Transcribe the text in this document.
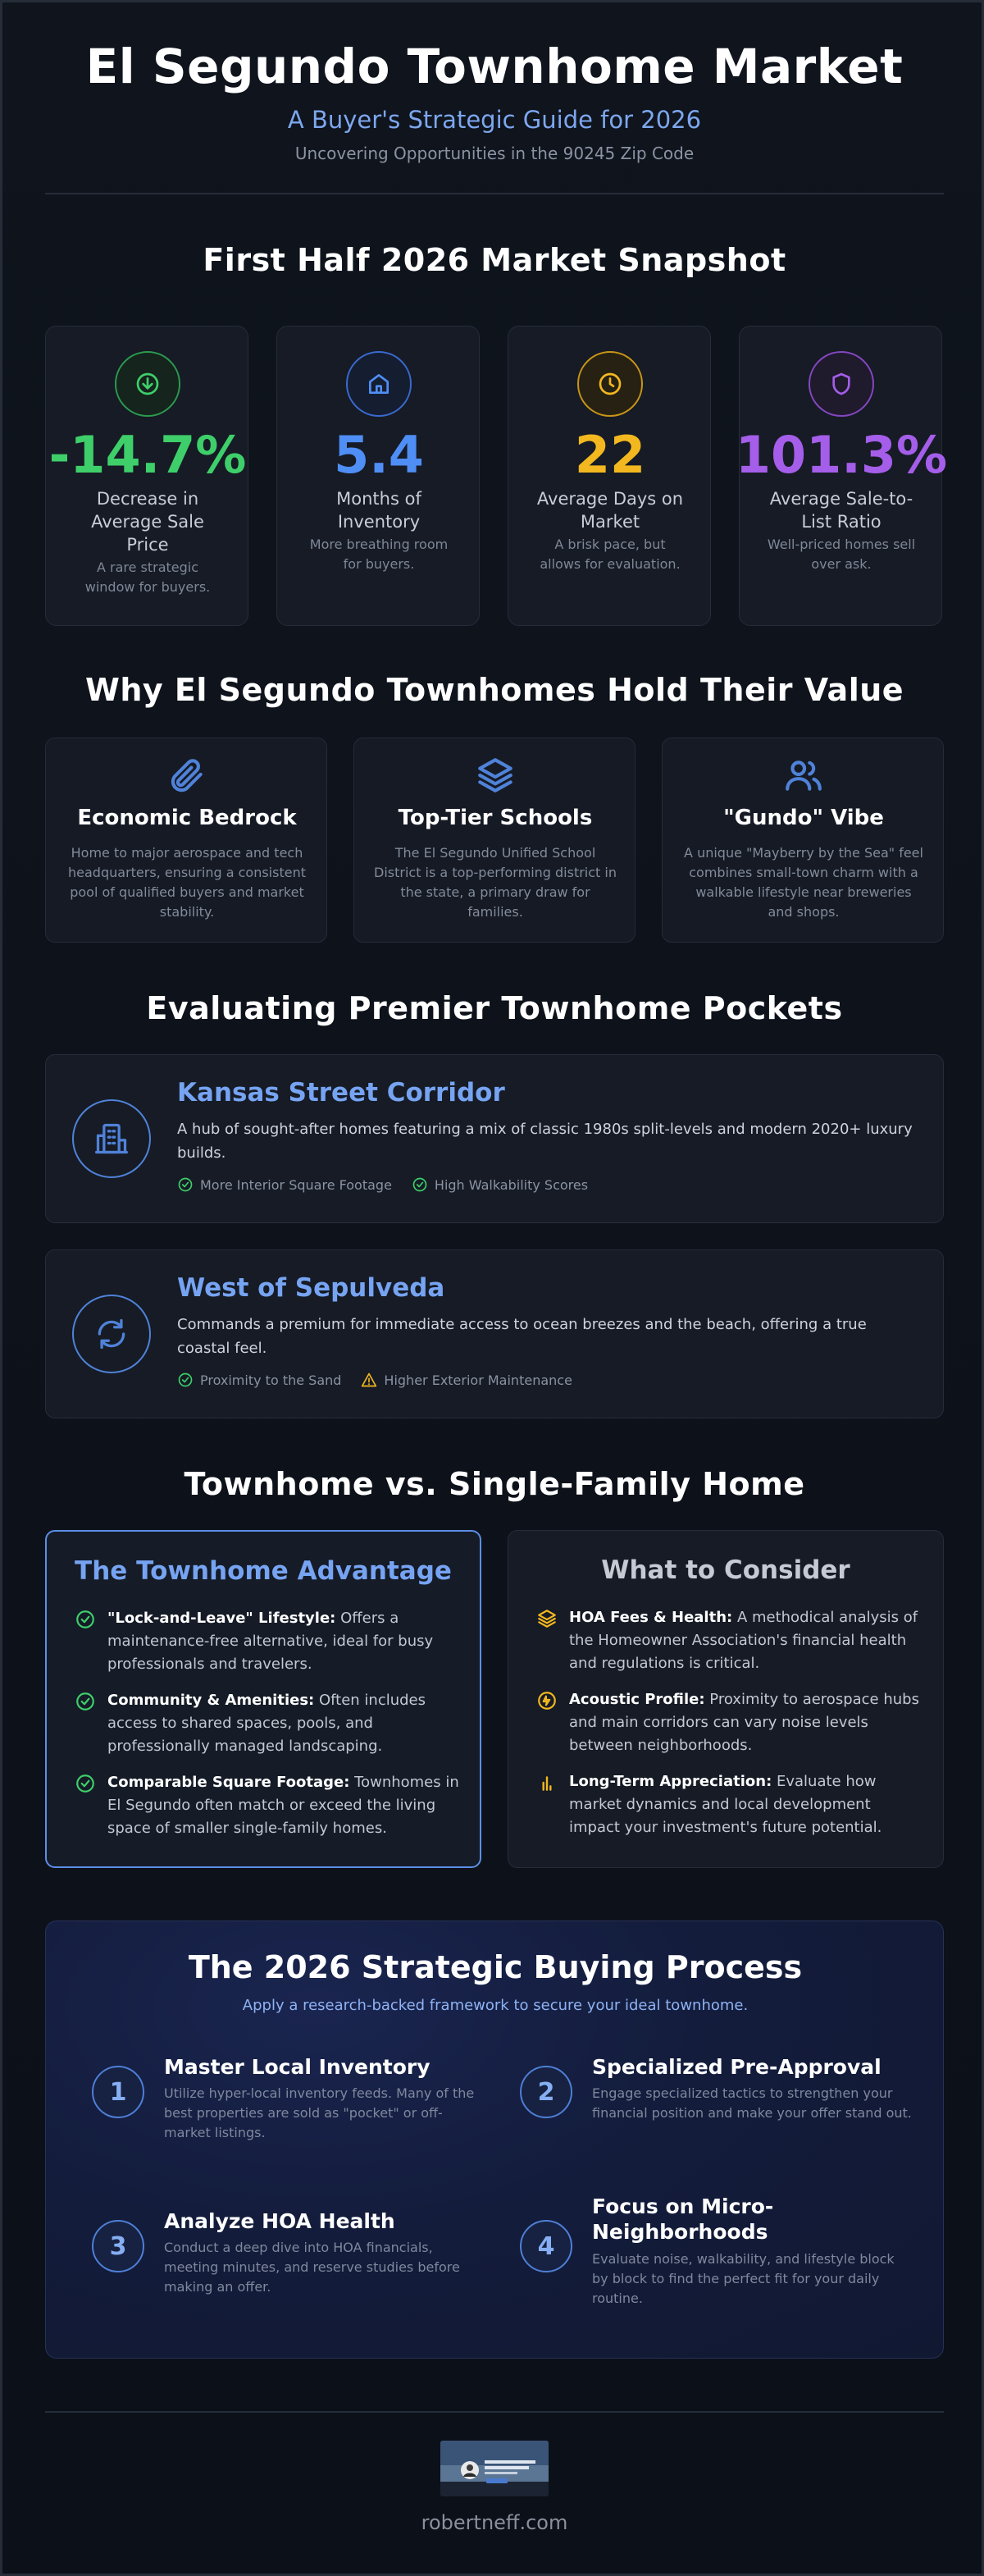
El Segundo Townhome Market
A Buyer's Strategic Guide for 2026
Uncovering Opportunities in the 90245 Zip Code
First Half 2026 Market Snapshot
-14.7%
Decrease in Average Sale Price
A rare strategic window for buyers.
5.4
Months of Inventory
More breathing room for buyers.
22
Average Days on Market
A brisk pace, but allows for evaluation.
101.3%
Average Sale-to-List Ratio
Well-priced homes sell over ask.
Why El Segundo Townhomes Hold Their Value
Economic Bedrock
Home to major aerospace and tech headquarters, ensuring a consistent pool of qualified buyers and market stability.
Top-Tier Schools
The El Segundo Unified School District is a top-performing district in the state, a primary draw for families.
"Gundo" Vibe
A unique "Mayberry by the Sea" feel combines small-town charm with a walkable lifestyle near breweries and shops.
Evaluating Premier Townhome Pockets
Kansas Street Corridor
A hub of sought-after homes featuring a mix of classic 1980s split-levels and modern 2020+ luxury builds.
More Interior Square Footage	High Walkability Scores
West of Sepulveda
Commands a premium for immediate access to ocean breezes and the beach, offering a true coastal feel.
Proximity to the Sand	Higher Exterior Maintenance
Townhome vs. Single-Family Home
The Townhome Advantage
"Lock-and-Leave" Lifestyle: Offers a maintenance-free alternative, ideal for busy professionals and travelers.
Community & Amenities: Often includes access to shared spaces, pools, and professionally managed landscaping.
Comparable Square Footage: Townhomes in El Segundo often match or exceed the living space of smaller single-family homes.
What to Consider
HOA Fees & Health: A methodical analysis of the Homeowner Association's financial health and regulations is critical.
Acoustic Profile: Proximity to aerospace hubs and main corridors can vary noise levels between neighborhoods.
Long-Term Appreciation: Evaluate how market dynamics and local development impact your investment's future potential.
The 2026 Strategic Buying Process
Apply a research-backed framework to secure your ideal townhome.
1
Master Local Inventory
Utilize hyper-local inventory feeds. Many of the best properties are sold as "pocket" or off-market listings.
2
Specialized Pre-Approval
Engage specialized tactics to strengthen your financial position and make your offer stand out.
3
Analyze HOA Health
Conduct a deep dive into HOA financials, meeting minutes, and reserve studies before making an offer.
4
Focus on Micro-Neighborhoods
Evaluate noise, walkability, and lifestyle block by block to find the perfect fit for your daily routine.
robertneff.com
